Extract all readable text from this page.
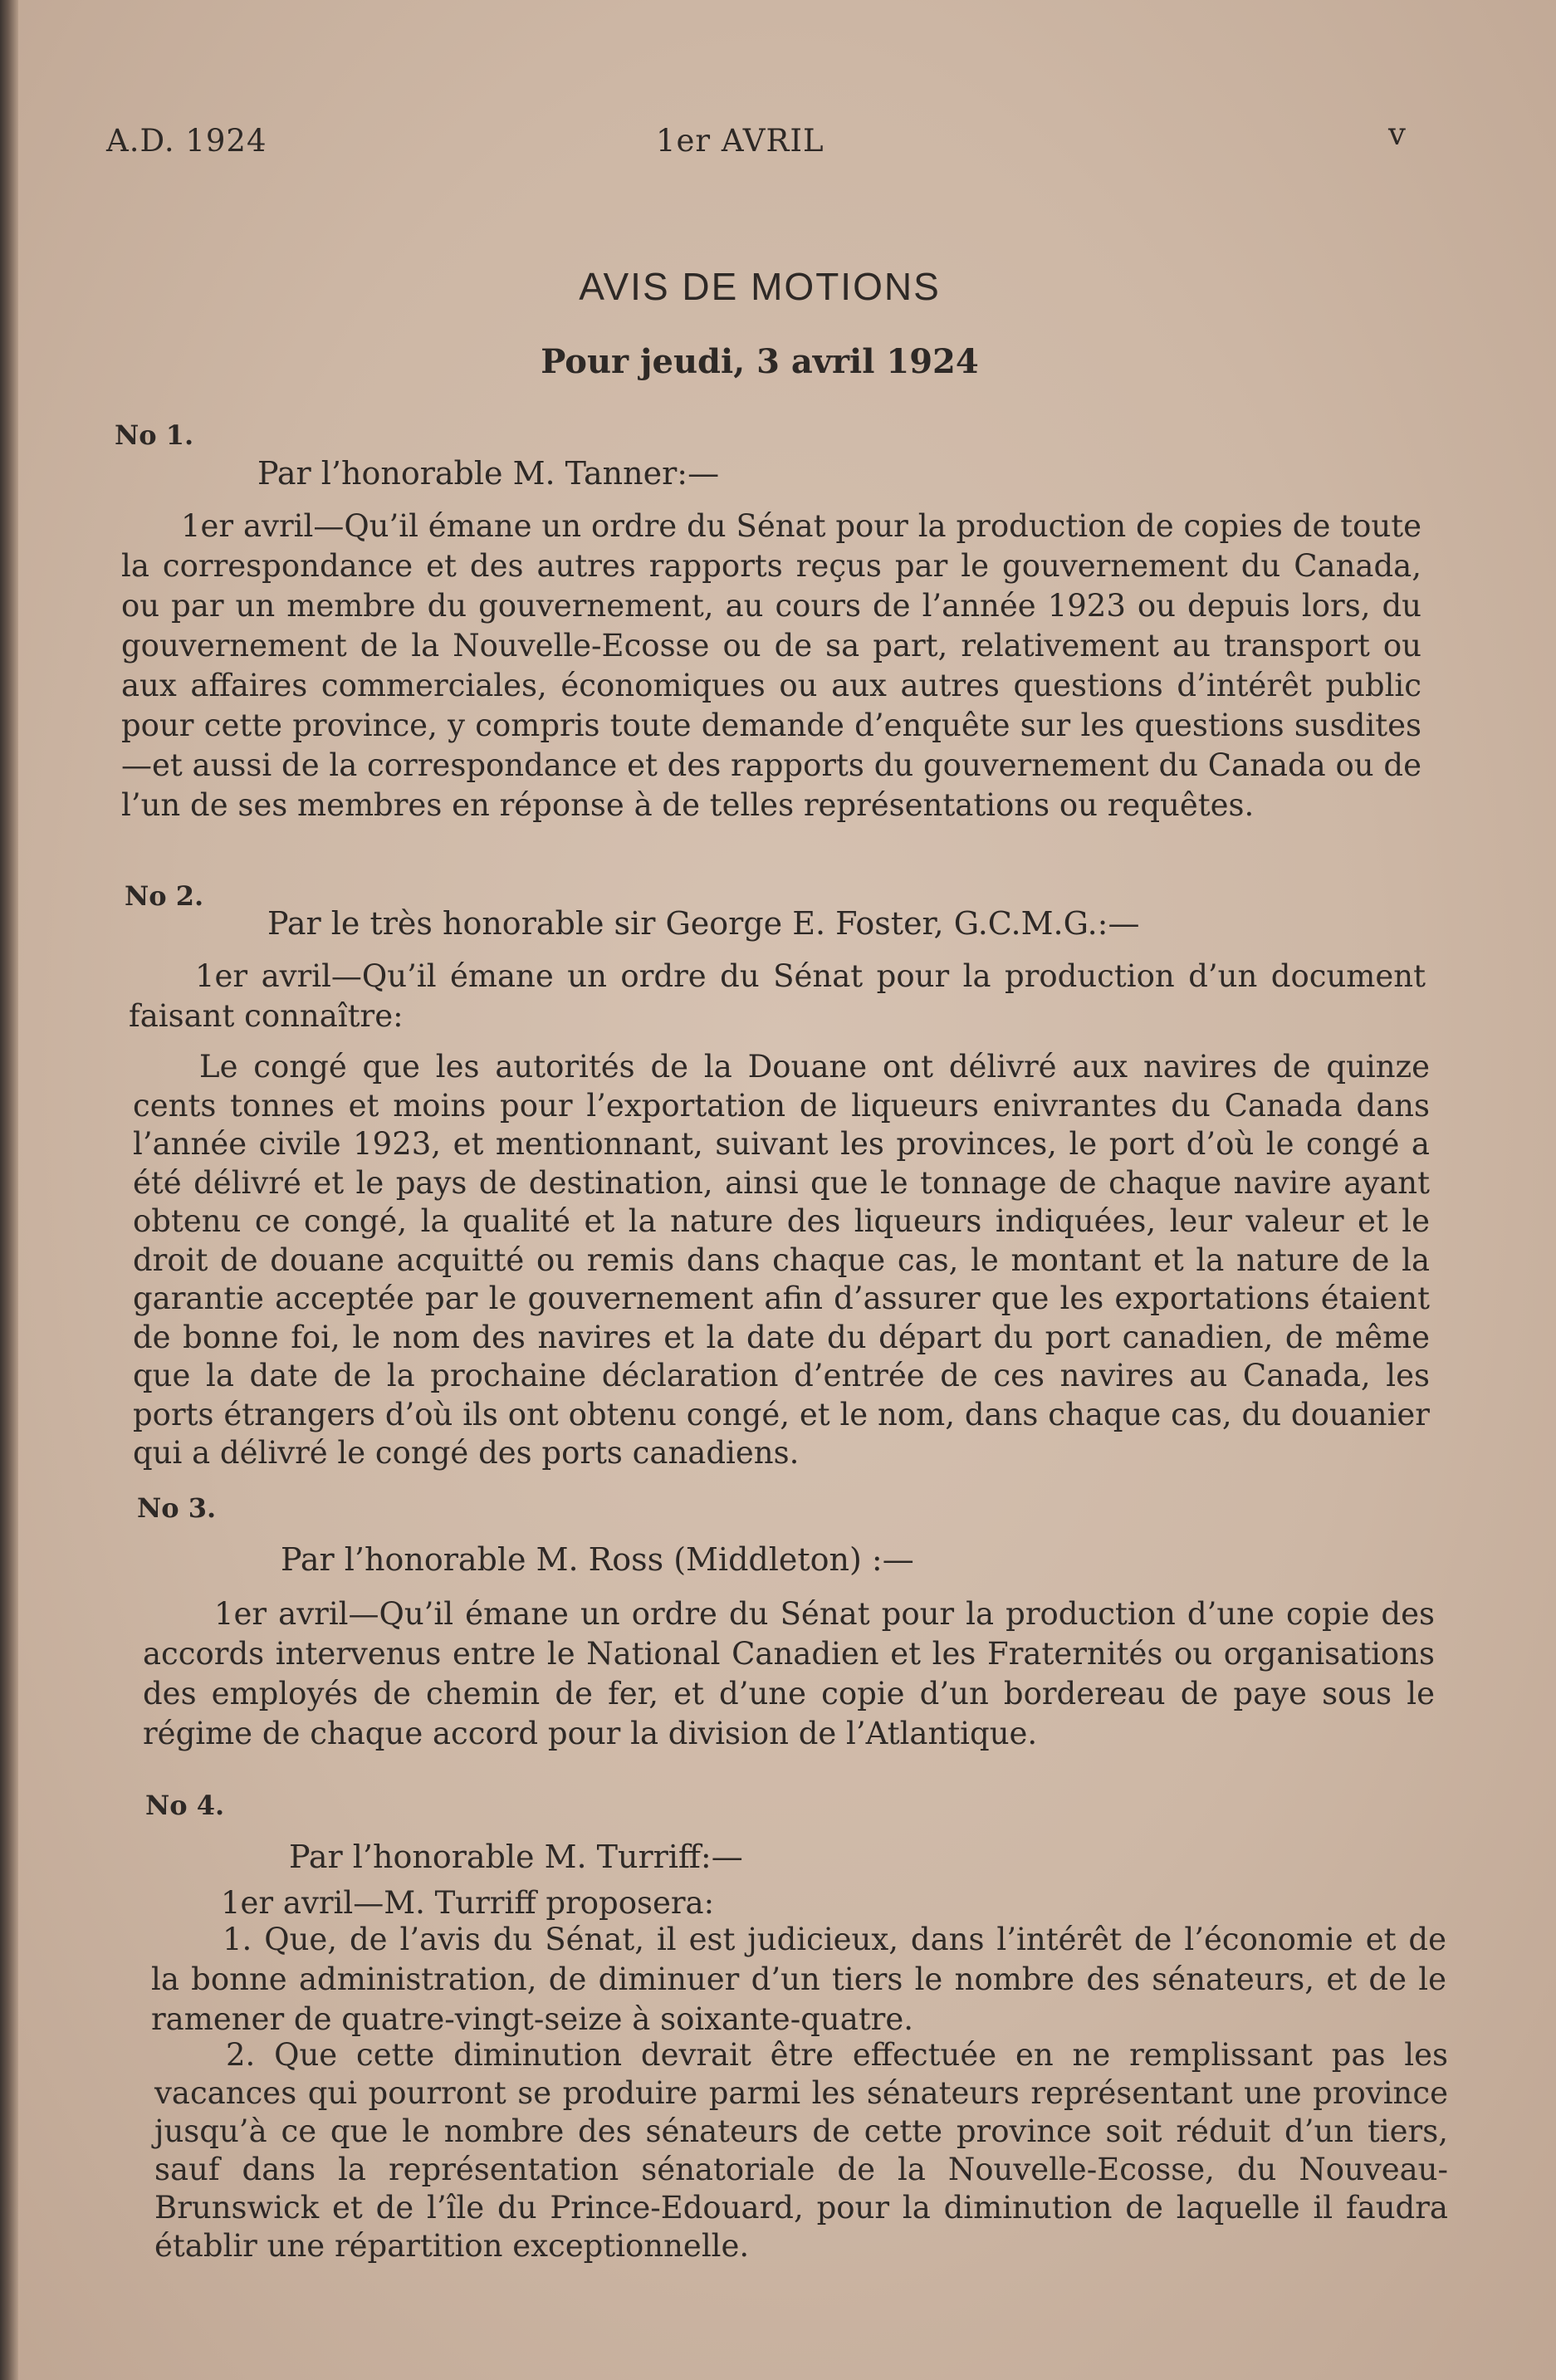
A.D. 1924	1er AVRIL	v
AVIS DE MOTIONS
Pour jeudi, 3 avril 1924
No 1.
Par l’honorable M. Tanner:—

1er avril—Qu’il émane un ordre du Sénat pour la production de copies de toute la correspondance et des autres rapports reçus par le gouvernement du Canada, ou par un membre du gouvernement, au cours de l’année 1923 ou depuis lors, du gouvernement de la Nouvelle-Ecosse ou de sa part, relativement au transport ou aux affaires commerciales, économiques ou aux autres questions d’intérêt public pour cette province, y compris toute demande d’enquête sur les questions susdites—et aussi de la correspondance et des rapports du gouvernement du Canada ou de l’un de ses membres en réponse à de telles représentations ou requêtes.

No 2.
Par le très honorable sir George E. Foster, G.C.M.G.:—

1er avril—Qu’il émane un ordre du Sénat pour la production d’un document faisant connaître:

Le congé que les autorités de la Douane ont délivré aux navires de quinze cents tonnes et moins pour l’exportation de liqueurs enivrantes du Canada dans l’année civile 1923, et mentionnant, suivant les provinces, le port d’où le congé a été délivré et le pays de destination, ainsi que le tonnage de chaque navire ayant obtenu ce congé, la qualité et la nature des liqueurs indiquées, leur valeur et le droit de douane acquitté ou remis dans chaque cas, le montant et la nature de la garantie acceptée par le gouvernement afin d’assurer que les exportations étaient de bonne foi, le nom des navires et la date du départ du port canadien, de même que la date de la prochaine déclaration d’entrée de ces navires au Canada, les ports étrangers d’où ils ont obtenu congé, et le nom, dans chaque cas, du douanier qui a délivré le congé des ports canadiens.

No 3.
Par l’honorable M. Ross (Middleton) :—

1er avril—Qu’il émane un ordre du Sénat pour la production d’une copie des accords intervenus entre le National Canadien et les Fraternités ou organisations des employés de chemin de fer, et d’une copie d’un bordereau de paye sous le régime de chaque accord pour la division de l’Atlantique.

No 4.
Par l’honorable M. Turriff:—

1er avril—M. Turriff proposera:

1. Que, de l’avis du Sénat, il est judicieux, dans l’intérêt de l’économie et de la bonne administration, de diminuer d’un tiers le nombre des sénateurs, et de le ramener de quatre-vingt-seize à soixante-quatre.

2. Que cette diminution devrait être effectuée en ne remplissant pas les vacances qui pourront se produire parmi les sénateurs représentant une province jusqu’à ce que le nombre des sénateurs de cette province soit réduit d’un tiers, sauf dans la représentation sénatoriale de la Nouvelle-Ecosse, du Nouveau-Brunswick et de l’île du Prince-Edouard, pour la diminution de laquelle il faudra établir une répartition exceptionnelle.
